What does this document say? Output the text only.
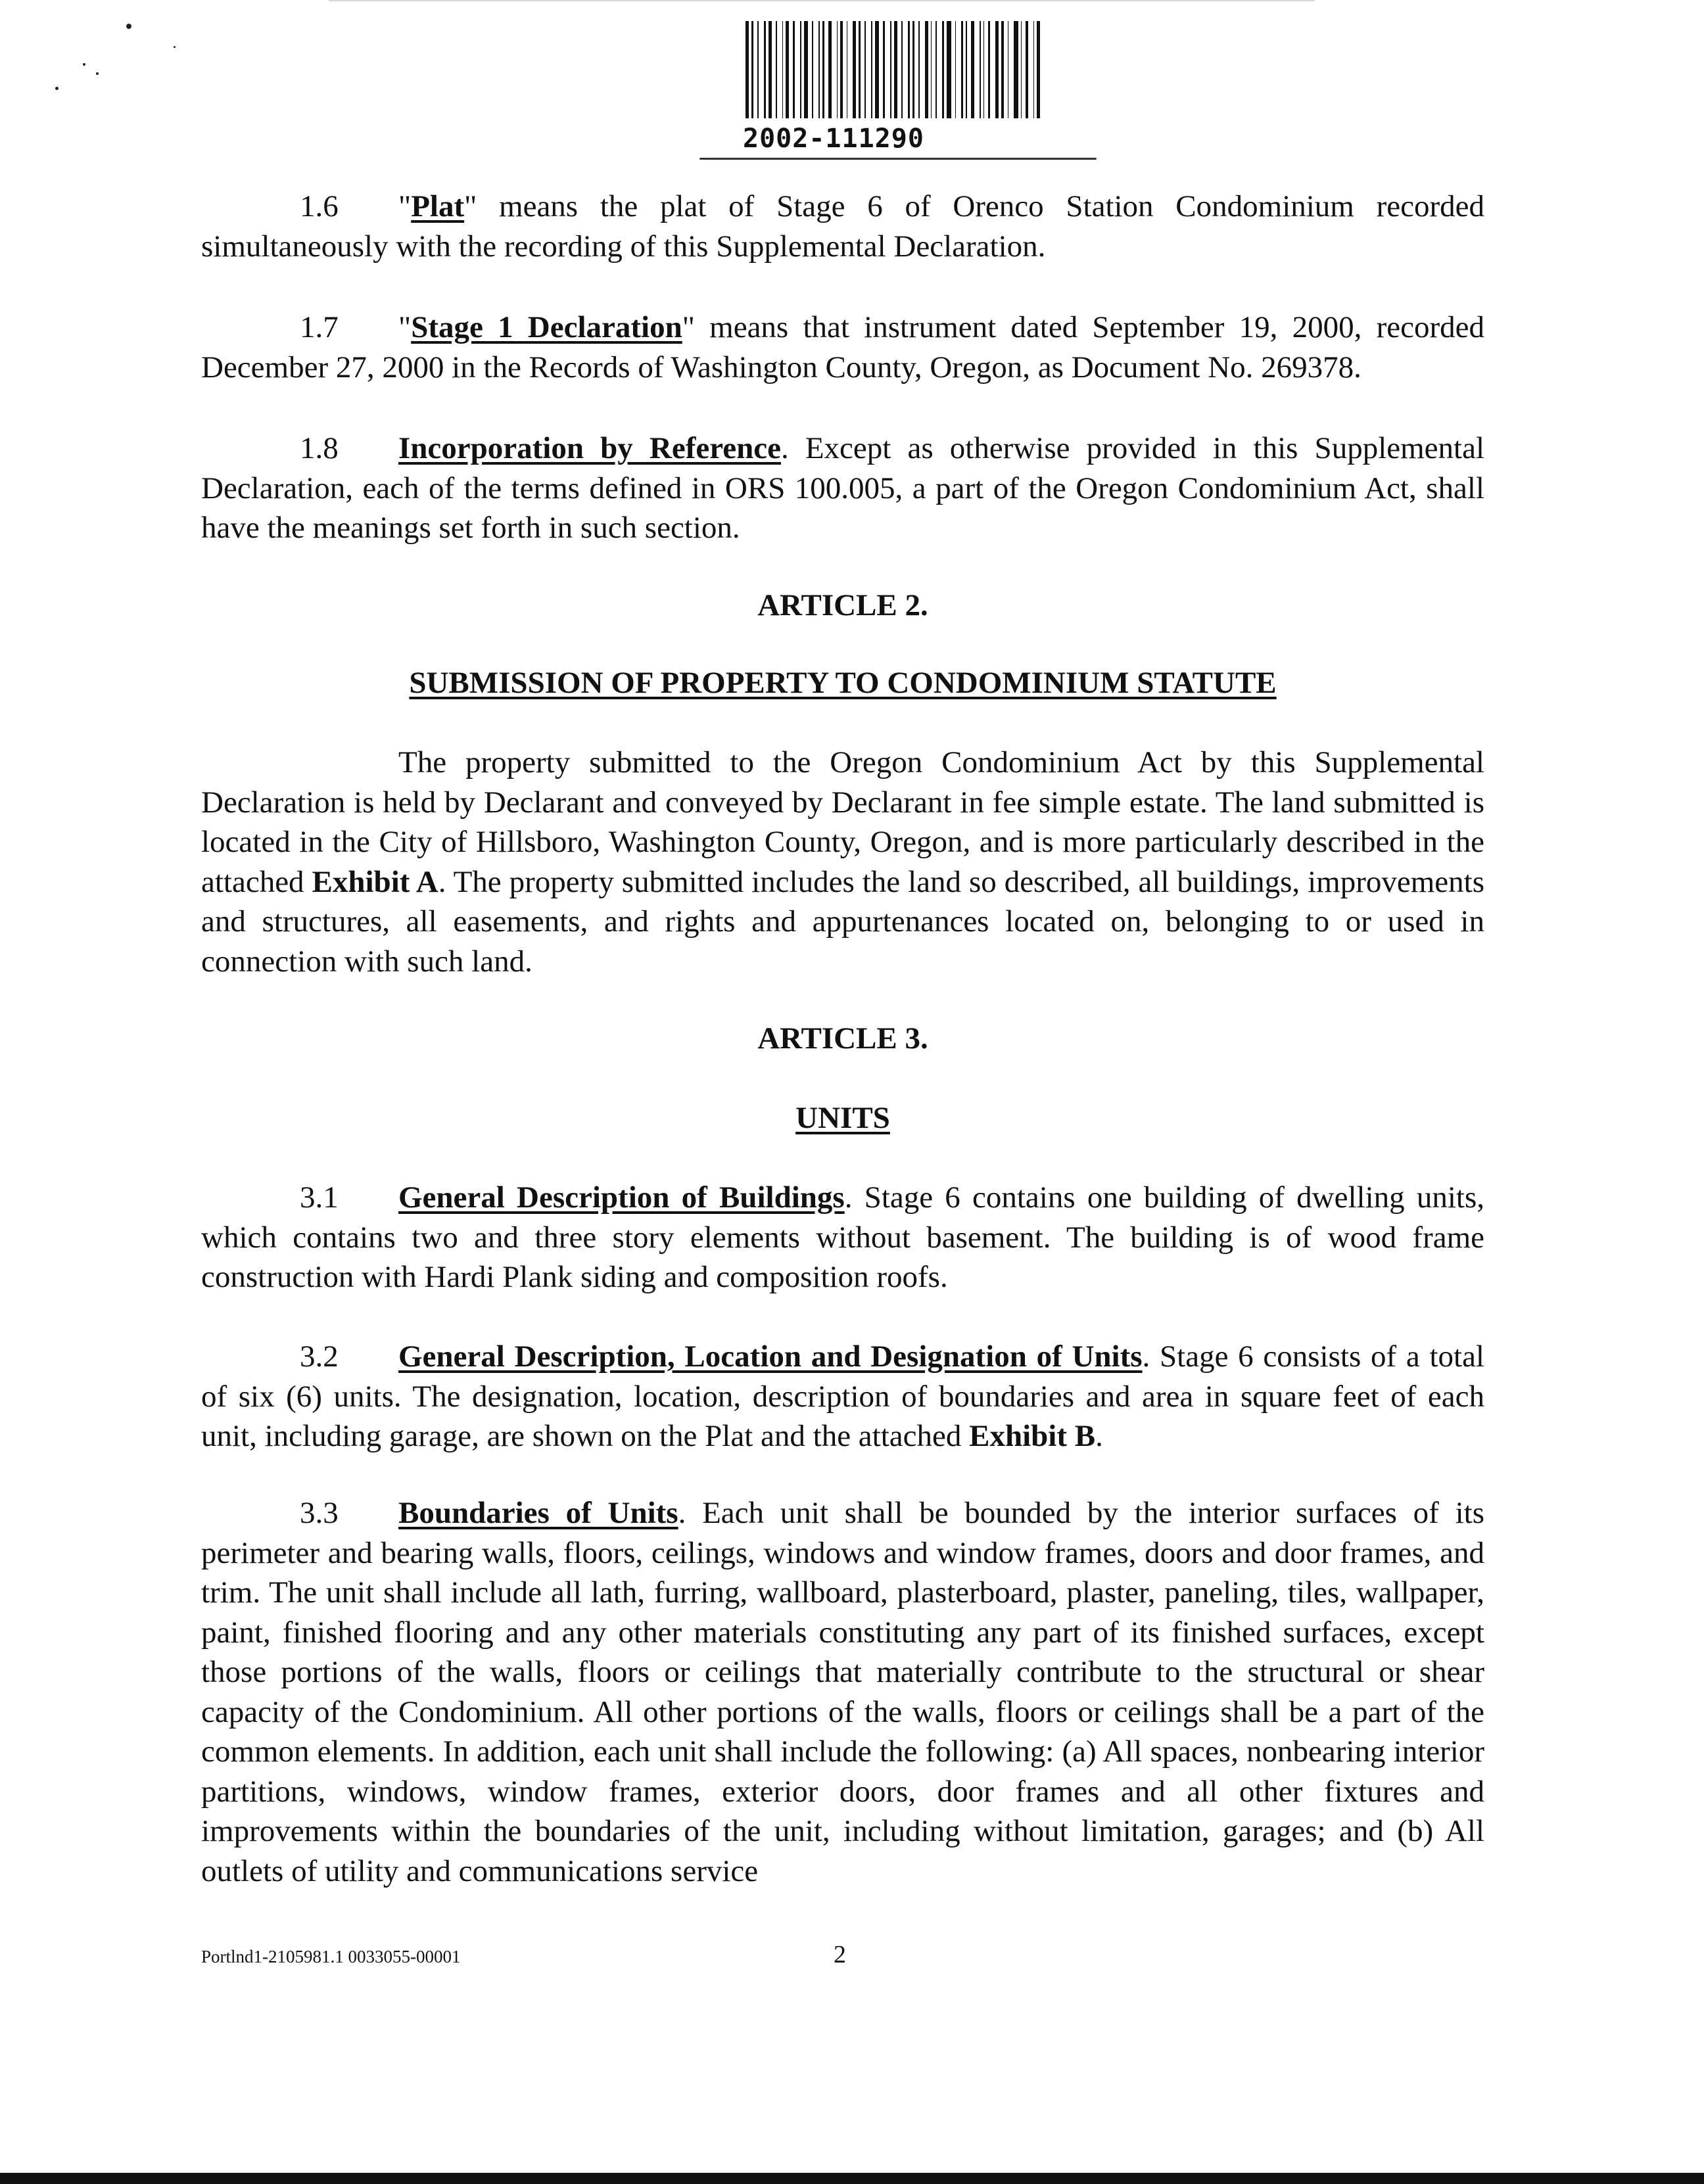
2002-111290

1.6 "Plat" means the plat of Stage 6 of Orenco Station Condominium recorded simultaneously with the recording of this Supplemental Declaration.

1.7 "Stage 1 Declaration" means that instrument dated September 19, 2000, recorded December 27, 2000 in the Records of Washington County, Oregon, as Document No. 269378.

1.8 Incorporation by Reference. Except as otherwise provided in this Supplemental Declaration, each of the terms defined in ORS 100.005, a part of the Oregon Condominium Act, shall have the meanings set forth in such section.

ARTICLE 2.

SUBMISSION OF PROPERTY TO CONDOMINIUM STATUTE

The property submitted to the Oregon Condominium Act by this Supplemental Declaration is held by Declarant and conveyed by Declarant in fee simple estate. The land submitted is located in the City of Hillsboro, Washington County, Oregon, and is more particularly described in the attached Exhibit A. The property submitted includes the land so described, all buildings, improvements and structures, all easements, and rights and appurtenances located on, belonging to or used in connection with such land.

ARTICLE 3.

UNITS

3.1 General Description of Buildings. Stage 6 contains one building of dwelling units, which contains two and three story elements without basement. The building is of wood frame construction with Hardi Plank siding and composition roofs.

3.2 General Description, Location and Designation of Units. Stage 6 consists of a total of six (6) units. The designation, location, description of boundaries and area in square feet of each unit, including garage, are shown on the Plat and the attached Exhibit B.

3.3 Boundaries of Units. Each unit shall be bounded by the interior surfaces of its perimeter and bearing walls, floors, ceilings, windows and window frames, doors and door frames, and trim. The unit shall include all lath, furring, wallboard, plasterboard, plaster, paneling, tiles, wallpaper, paint, finished flooring and any other materials constituting any part of its finished surfaces, except those portions of the walls, floors or ceilings that materially contribute to the structural or shear capacity of the Condominium. All other portions of the walls, floors or ceilings shall be a part of the common elements. In addition, each unit shall include the following: (a) All spaces, nonbearing interior partitions, windows, window frames, exterior doors, door frames and all other fixtures and improvements within the boundaries of the unit, including without limitation, garages; and (b) All outlets of utility and communications service

Portlnd1-2105981.1 0033055-00001	2
